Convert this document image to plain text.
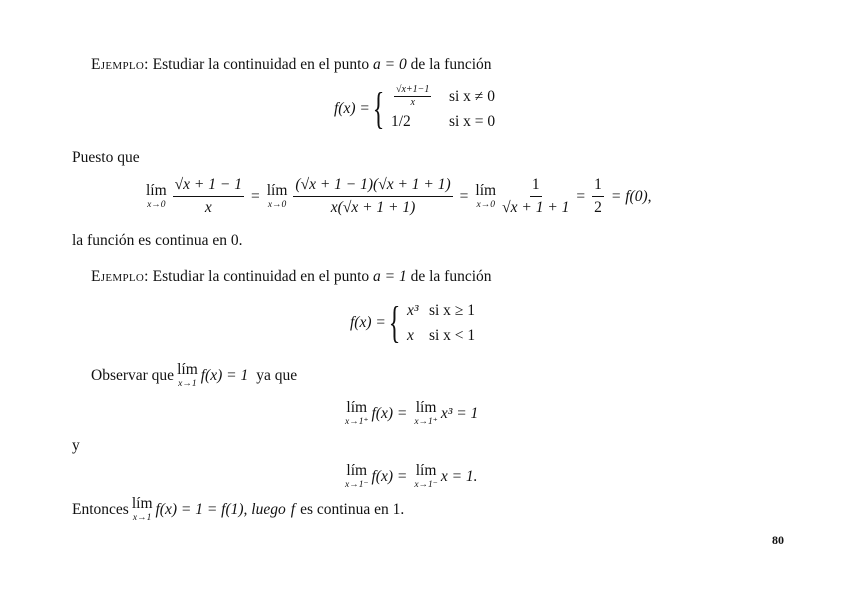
Ejemplo: Estudiar la continuidad en el punto a = 0 de la función
f(x) = { $\frac{√x+1-1}{x}$ si x ≠ 0
1/2	si x = 0
Puesto que
lím
$x\to 0 \frac{√x + 1 - 1}{x}$ = lím
$x\to 0 \frac{(√x + 1 - 1)(√x + 1 + 1)}{x(√x + 1 + 1)}$ = lím
$x\to 0 \frac{1}{√x + 1 + 1} = \frac{1}{2} = f(0)$,
la función es continua en 0.
Ejemplo: Estudiar la continuidad en el punto a = 1 de la función
f(x) = { x³ si x ≥ 1
x si x < 1
Observar que lím
x→1 f(x) = 1 ya que
lím
x→1⁺ f(x) = lím
x→1⁺ x³ = 1
y
lím
x→1⁻ f(x) = lím
x→1⁻ x = 1.
Entonces lím
x→1 f(x) = 1 = f(1), luego f es continua en 1.
80
